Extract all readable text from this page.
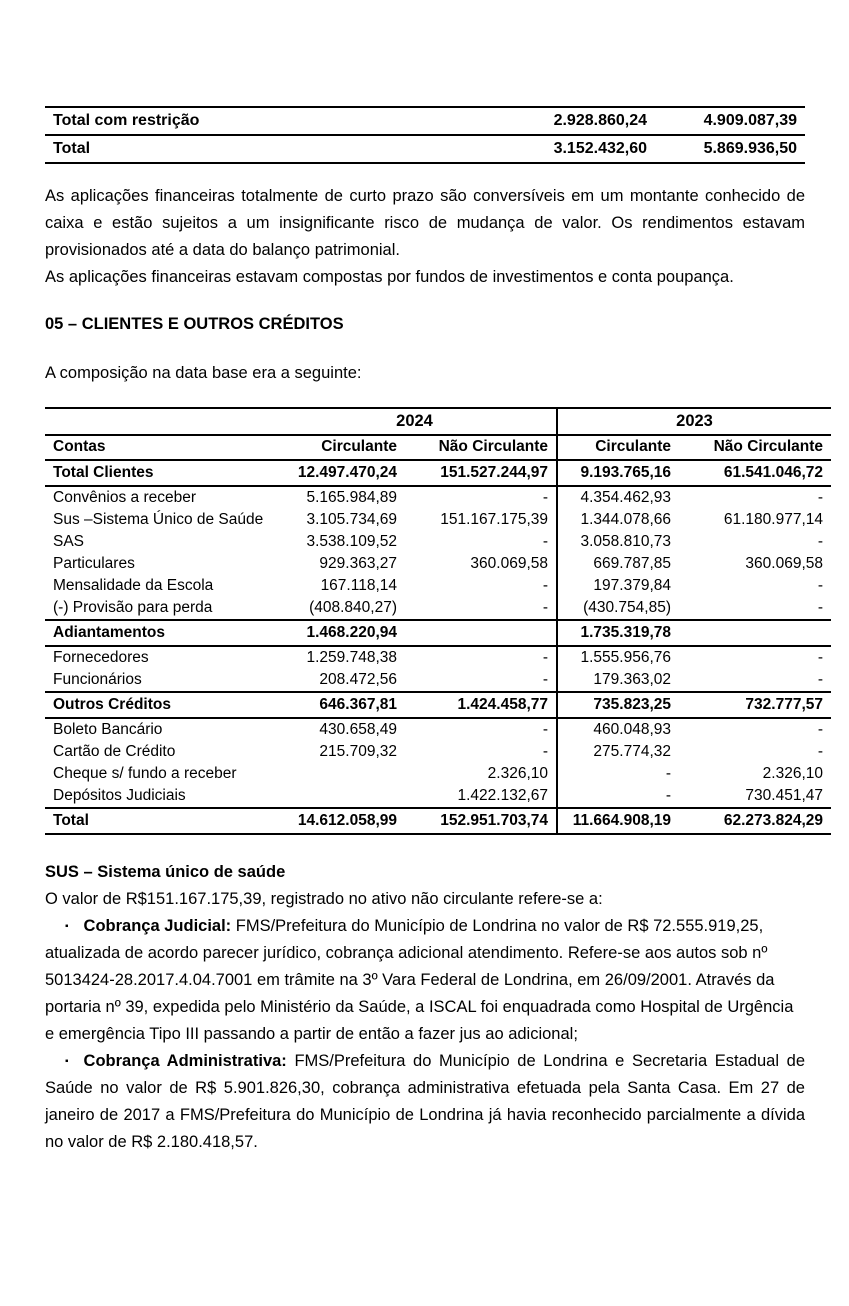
Total com restrição	2.928.860,24	4.909.087,39
Total	3.152.432,60	5.869.936,50

As aplicações financeiras totalmente de curto prazo são conversíveis em um montante conhecido de caixa e estão sujeitos a um insignificante risco de mudança de valor. Os rendimentos estavam provisionados até a data do balanço patrimonial.

As aplicações financeiras estavam compostas por fundos de investimentos e conta poupança.

05 – CLIENTES E OUTROS CRÉDITOS

A composição na data base era a seguinte:

	2024		2023	
Contas	Circulante	Não Circulante	Circulante	Não Circulante
Total Clientes	12.497.470,24	151.527.244,97	9.193.765,16	61.541.046,72
Convênios a receber	5.165.984,89	-	4.354.462,93	-
Sus –Sistema Único de Saúde	3.105.734,69	151.167.175,39	1.344.078,66	61.180.977,14
SAS	3.538.109,52	-	3.058.810,73	-
Particulares	929.363,27	360.069,58	669.787,85	360.069,58
Mensalidade da Escola	167.118,14	-	197.379,84	-
(-) Provisão para perda	(408.840,27)	-	(430.754,85)	-
Adiantamentos	1.468.220,94		1.735.319,78	
Fornecedores	1.259.748,38	-	1.555.956,76	-
Funcionários	208.472,56	-	179.363,02	-
Outros Créditos	646.367,81	1.424.458,77	735.823,25	732.777,57
Boleto Bancário	430.658,49	-	460.048,93	-
Cartão de Crédito	215.709,32	-	275.774,32	-
Cheque s/ fundo a receber		2.326,10	-	2.326,10
Depósitos Judiciais		1.422.132,67	-	730.451,47
Total	14.612.058,99	152.951.703,74	11.664.908,19	62.273.824,29

SUS – Sistema único de saúde

O valor de R$151.167.175,39, registrado no ativo não circulante refere-se a:

▪ Cobrança Judicial: FMS/Prefeitura do Município de Londrina no valor de R$ 72.555.919,25, atualizada de acordo parecer jurídico, cobrança adicional atendimento. Refere-se aos autos sob nº 5013424-28.2017.4.04.7001 em trâmite na 3º Vara Federal de Londrina, em 26/09/2001. Através da portaria nº 39, expedida pelo Ministério da Saúde, a ISCAL foi enquadrada como Hospital de Urgência e emergência Tipo III passando a partir de então a fazer jus ao adicional;

▪ Cobrança Administrativa: FMS/Prefeitura do Município de Londrina e Secretaria Estadual de Saúde no valor de R$ 5.901.826,30, cobrança administrativa efetuada pela Santa Casa. Em 27 de janeiro de 2017 a FMS/Prefeitura do Município de Londrina já havia reconhecido parcialmente a dívida no valor de R$ 2.180.418,57.
